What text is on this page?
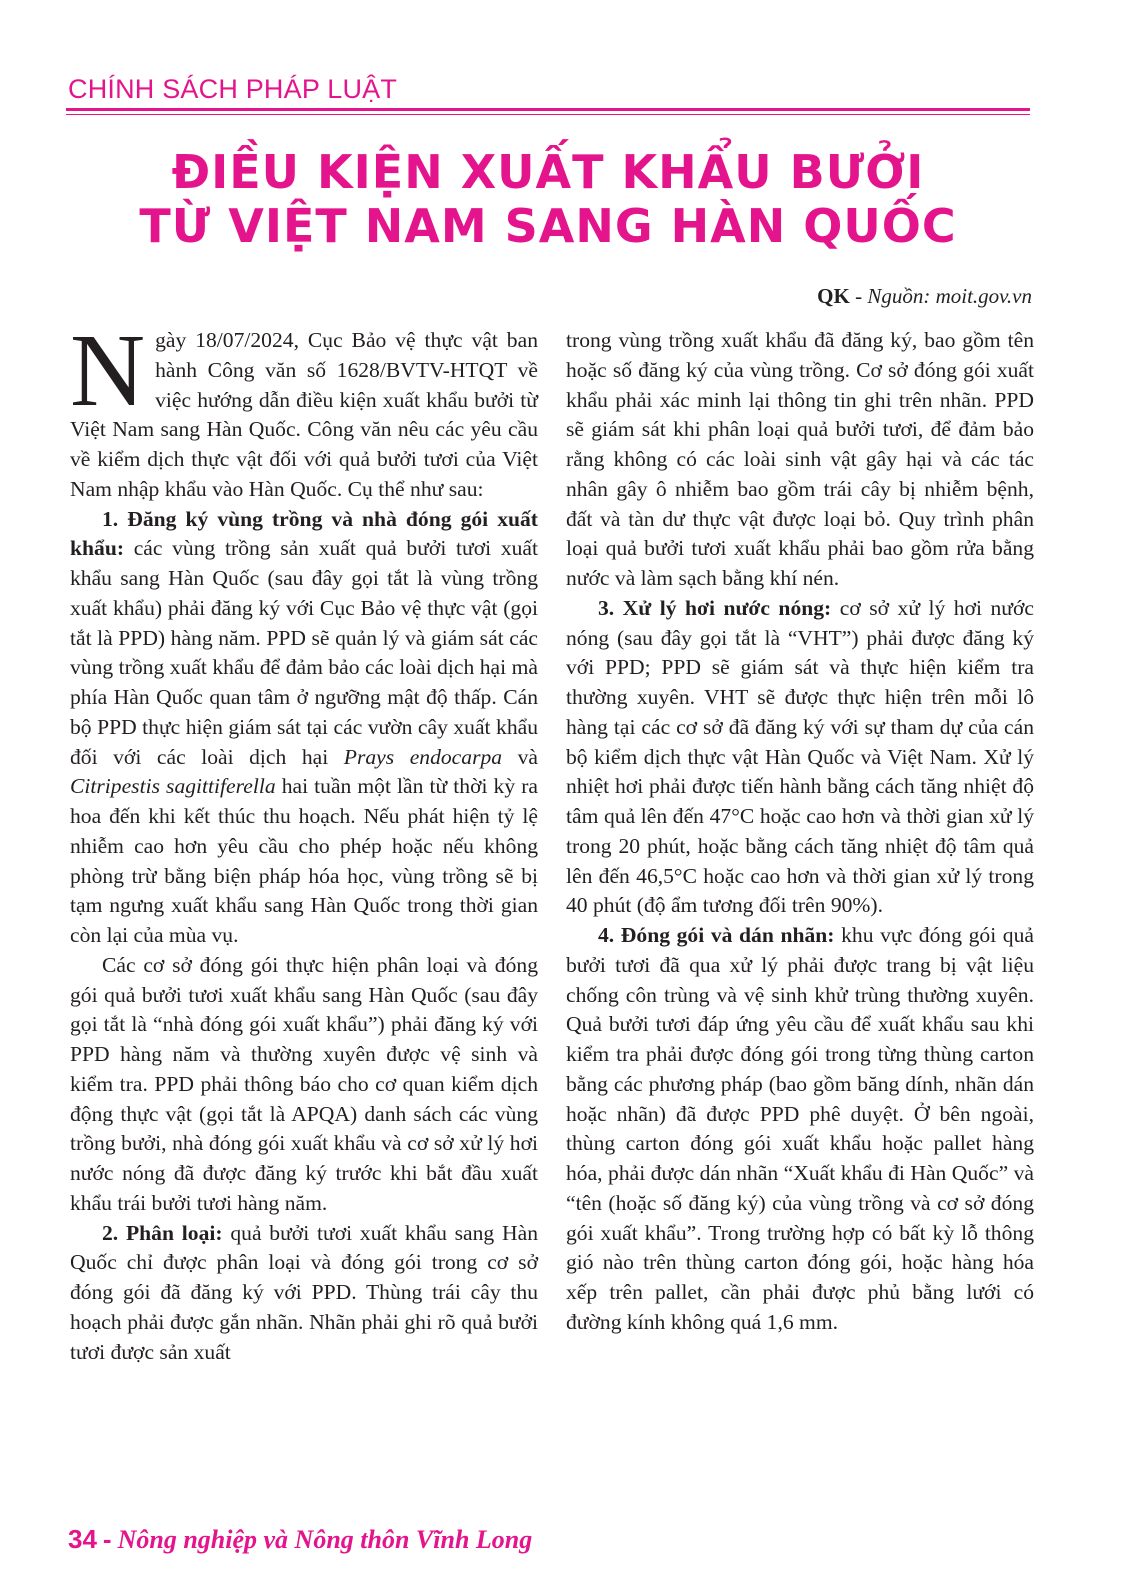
CHÍNH SÁCH PHÁP LUẬT
ĐIỀU KIỆN XUẤT KHẨU BƯỞI
TỪ VIỆT NAM SANG HÀN QUỐC
QK - Nguồn: moit.gov.vn

Ngày 18/07/2024, Cục Bảo vệ thực vật ban hành Công văn số 1628/BVTV-HTQT về việc hướng dẫn điều kiện xuất khẩu bưởi từ Việt Nam sang Hàn Quốc. Công văn nêu các yêu cầu về kiểm dịch thực vật đối với quả bưởi tươi của Việt Nam nhập khẩu vào Hàn Quốc. Cụ thể như sau:

1. Đăng ký vùng trồng và nhà đóng gói xuất khẩu: các vùng trồng sản xuất quả bưởi tươi xuất khẩu sang Hàn Quốc (sau đây gọi tắt là vùng trồng xuất khẩu) phải đăng ký với Cục Bảo vệ thực vật (gọi tắt là PPD) hàng năm. PPD sẽ quản lý và giám sát các vùng trồng xuất khẩu để đảm bảo các loài dịch hại mà phía Hàn Quốc quan tâm ở ngưỡng mật độ thấp. Cán bộ PPD thực hiện giám sát tại các vườn cây xuất khẩu đối với các loài dịch hại Prays endocarpa và Citripestis sagittiferella hai tuần một lần từ thời kỳ ra hoa đến khi kết thúc thu hoạch. Nếu phát hiện tỷ lệ nhiễm cao hơn yêu cầu cho phép hoặc nếu không phòng trừ bằng biện pháp hóa học, vùng trồng sẽ bị tạm ngưng xuất khẩu sang Hàn Quốc trong thời gian còn lại của mùa vụ.

Các cơ sở đóng gói thực hiện phân loại và đóng gói quả bưởi tươi xuất khẩu sang Hàn Quốc (sau đây gọi tắt là “nhà đóng gói xuất khẩu”) phải đăng ký với PPD hàng năm và thường xuyên được vệ sinh và kiểm tra. PPD phải thông báo cho cơ quan kiểm dịch động thực vật (gọi tắt là APQA) danh sách các vùng trồng bưởi, nhà đóng gói xuất khẩu và cơ sở xử lý hơi nước nóng đã được đăng ký trước khi bắt đầu xuất khẩu trái bưởi tươi hàng năm.

2. Phân loại: quả bưởi tươi xuất khẩu sang Hàn Quốc chỉ được phân loại và đóng gói trong cơ sở đóng gói đã đăng ký với PPD. Thùng trái cây thu hoạch phải được gắn nhãn. Nhãn phải ghi rõ quả bưởi tươi được sản xuất

trong vùng trồng xuất khẩu đã đăng ký, bao gồm tên hoặc số đăng ký của vùng trồng. Cơ sở đóng gói xuất khẩu phải xác minh lại thông tin ghi trên nhãn. PPD sẽ giám sát khi phân loại quả bưởi tươi, để đảm bảo rằng không có các loài sinh vật gây hại và các tác nhân gây ô nhiễm bao gồm trái cây bị nhiễm bệnh, đất và tàn dư thực vật được loại bỏ. Quy trình phân loại quả bưởi tươi xuất khẩu phải bao gồm rửa bằng nước và làm sạch bằng khí nén.

3. Xử lý hơi nước nóng: cơ sở xử lý hơi nước nóng (sau đây gọi tắt là “VHT”) phải được đăng ký với PPD; PPD sẽ giám sát và thực hiện kiểm tra thường xuyên. VHT sẽ được thực hiện trên mỗi lô hàng tại các cơ sở đã đăng ký với sự tham dự của cán bộ kiểm dịch thực vật Hàn Quốc và Việt Nam. Xử lý nhiệt hơi phải được tiến hành bằng cách tăng nhiệt độ tâm quả lên đến 47°C hoặc cao hơn và thời gian xử lý trong 20 phút, hoặc bằng cách tăng nhiệt độ tâm quả lên đến 46,5°C hoặc cao hơn và thời gian xử lý trong 40 phút (độ ẩm tương đối trên 90%).

4. Đóng gói và dán nhãn: khu vực đóng gói quả bưởi tươi đã qua xử lý phải được trang bị vật liệu chống côn trùng và vệ sinh khử trùng thường xuyên. Quả bưởi tươi đáp ứng yêu cầu để xuất khẩu sau khi kiểm tra phải được đóng gói trong từng thùng carton bằng các phương pháp (bao gồm băng dính, nhãn dán hoặc nhãn) đã được PPD phê duyệt. Ở bên ngoài, thùng carton đóng gói xuất khẩu hoặc pallet hàng hóa, phải được dán nhãn “Xuất khẩu đi Hàn Quốc” và “tên (hoặc số đăng ký) của vùng trồng và cơ sở đóng gói xuất khẩu”. Trong trường hợp có bất kỳ lỗ thông gió nào trên thùng carton đóng gói, hoặc hàng hóa xếp trên pallet, cần phải được phủ bằng lưới có đường kính không quá 1,6 mm.

34 - Nông nghiệp và Nông thôn Vĩnh Long
